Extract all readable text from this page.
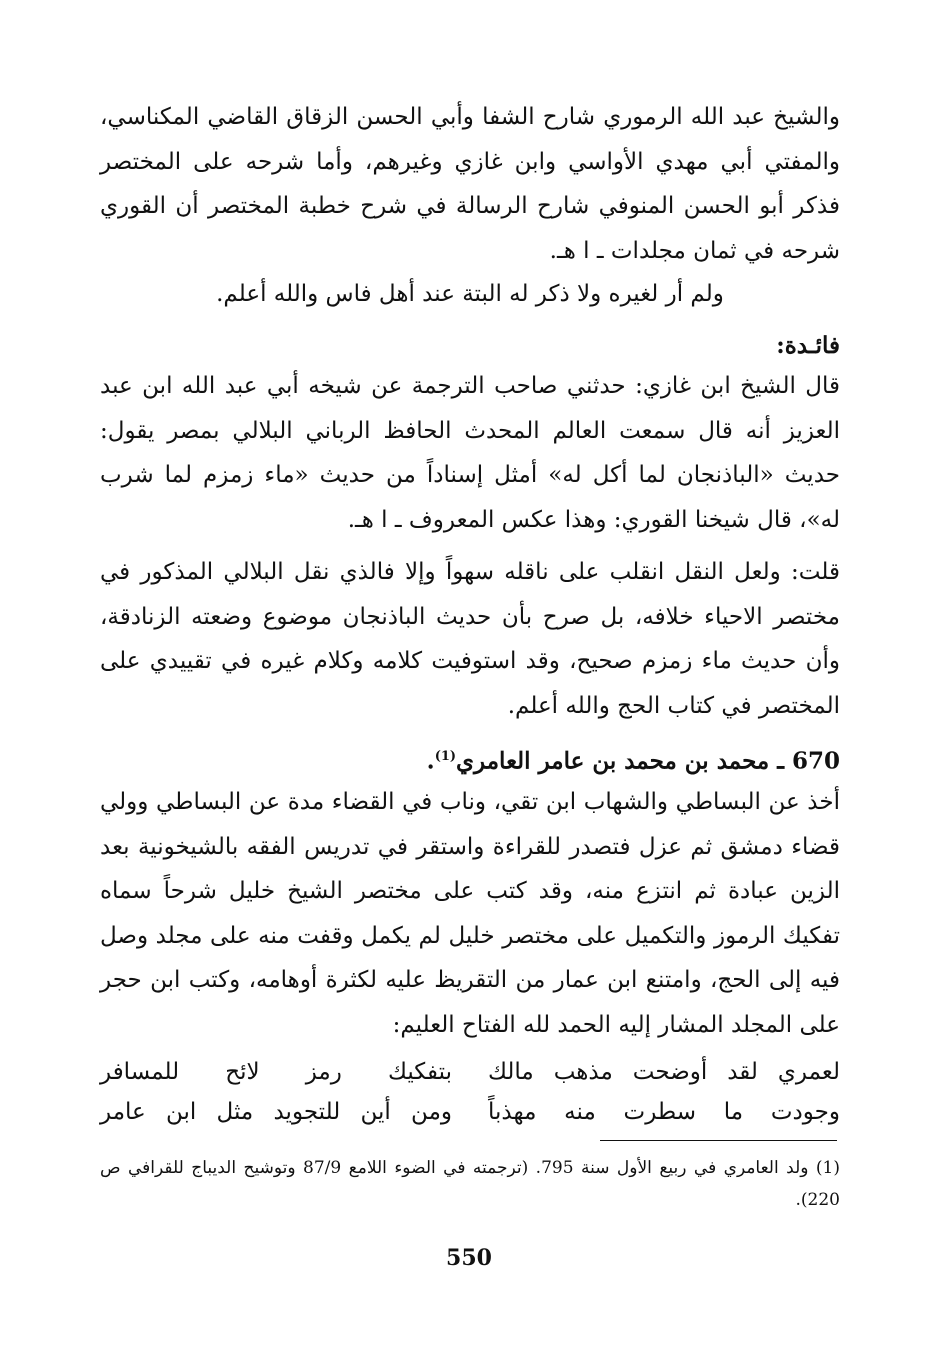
والشيخ عبد الله الرموري شارح الشفا وأبي الحسن الزقاق القاضي المكناسي، والمفتي أبي مهدي الأواسي وابن غازي وغيرهم، وأما شرحه على المختصر فذكر أبو الحسن المنوفي شارح الرسالة في شرح خطبة المختصر أن القوري شرحه في ثمان مجلدات ـ ا هـ.
ولم أر لغيره ولا ذكر له البتة عند أهل فاس والله أعلم.
فائـدة:
قال الشيخ ابن غازي: حدثني صاحب الترجمة عن شيخه أبي عبد الله ابن عبد العزيز أنه قال سمعت العالم المحدث الحافظ الرباني البلالي بمصر يقول: حديث «الباذنجان لما أكل له» أمثل إسناداً من حديث «ماء زمزم لما شرب له»، قال شيخنا القوري: وهذا عكس المعروف ـ ا هـ.
قلت: ولعل النقل انقلب على ناقله سهواً وإلا فالذي نقل البلالي المذكور في مختصر الاحياء خلافه، بل صرح بأن حديث الباذنجان موضوع وضعته الزنادقة، وأن حديث ماء زمزم صحيح، وقد استوفيت كلامه وكلام غيره في تقييدي على المختصر في كتاب الحج والله أعلم.
670 ـ محمد بن محمد بن عامر العامري$^{(1)}$.
أخذ عن البساطي والشهاب ابن تقي، وناب في القضاء مدة عن البساطي وولي قضاء دمشق ثم عزل فتصدر للقراءة واستقر في تدريس الفقه بالشيخونية بعد الزين عبادة ثم انتزع منه، وقد كتب على مختصر الشيخ خليل شرحاً سماه تفكيك الرموز والتكميل على مختصر خليل لم يكمل وقفت منه على مجلد وصل فيه إلى الحج، وامتنع ابن عمار من التقريظ عليه لكثرة أوهامه، وكتب ابن حجر على المجلد المشار إليه الحمد لله الفتاح العليم:
لعمري لقد أوضحت مذهب مالك
بتفكيك رمز لائح للمسافر
وجودت ما سطرت منه مهذباً
ومن أين للتجويد مثل ابن عامر
(1) ولد العامري في ربيع الأول سنة 795. (ترجمته في الضوء اللامع 87/9 وتوشيح الديباج للقرافي ص 220).
550
